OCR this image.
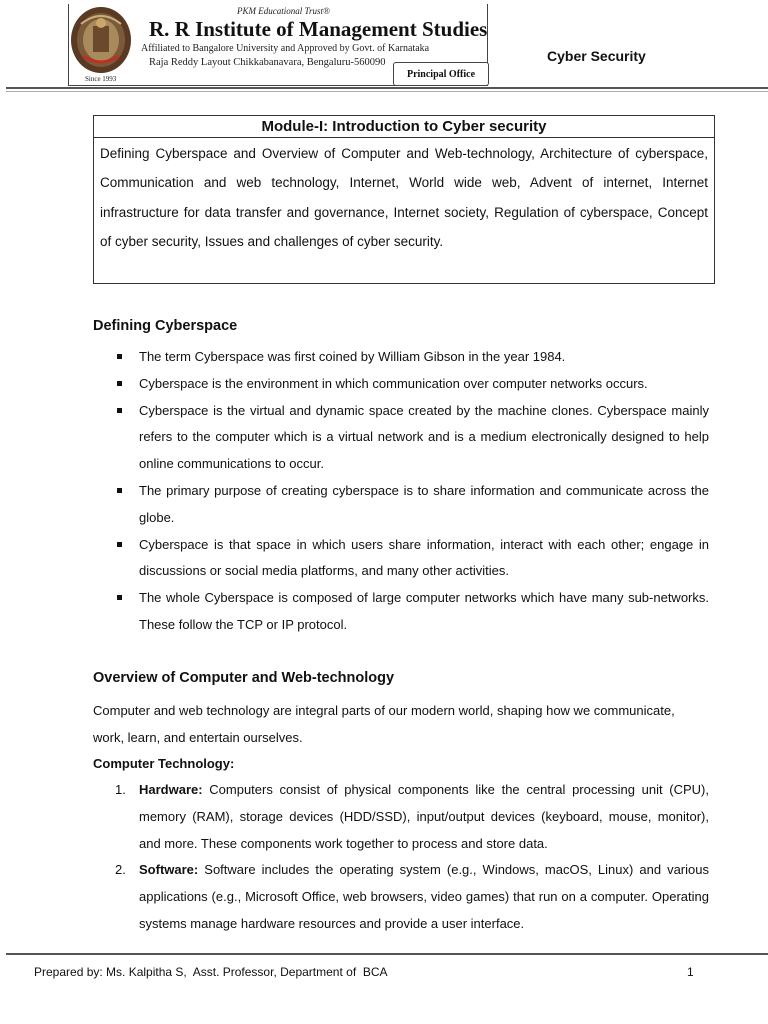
Since 1993
PKM Educational Trust®
R. R Institute of Management Studies
Affiliated to Bangalore University and Approved by Govt. of Karnataka
Raja Reddy Layout Chikkabanavara, Bengaluru-560090
Principal Office
Cyber Security
Module-I: Introduction to Cyber security
Defining Cyberspace and Overview of Computer and Web-technology, Architecture of cyberspace, Communication and web technology, Internet, World wide web, Advent of internet, Internet infrastructure for data transfer and governance, Internet society, Regulation of cyberspace, Concept of cyber security, Issues and challenges of cyber security.
Defining Cyberspace
The term Cyberspace was first coined by William Gibson in the year 1984.
Cyberspace is the environment in which communication over computer networks occurs.
Cyberspace is the virtual and dynamic space created by the machine clones. Cyberspace mainly refers to the computer which is a virtual network and is a medium electronically designed to help online communications to occur.
The primary purpose of creating cyberspace is to share information and communicate across the globe.
Cyberspace is that space in which users share information, interact with each other; engage in discussions or social media platforms, and many other activities.
The whole Cyberspace is composed of large computer networks which have many sub-networks. These follow the TCP or IP protocol.
Overview of Computer and Web-technology
Computer and web technology are integral parts of our modern world, shaping how we communicate, work, learn, and entertain ourselves.
Computer Technology:
1. Hardware: Computers consist of physical components like the central processing unit (CPU), memory (RAM), storage devices (HDD/SSD), input/output devices (keyboard, mouse, monitor), and more. These components work together to process and store data.
2. Software: Software includes the operating system (e.g., Windows, macOS, Linux) and various applications (e.g., Microsoft Office, web browsers, video games) that run on a computer. Operating systems manage hardware resources and provide a user interface.
Prepared by: Ms. Kalpitha S,  Asst. Professor, Department of  BCA	1
